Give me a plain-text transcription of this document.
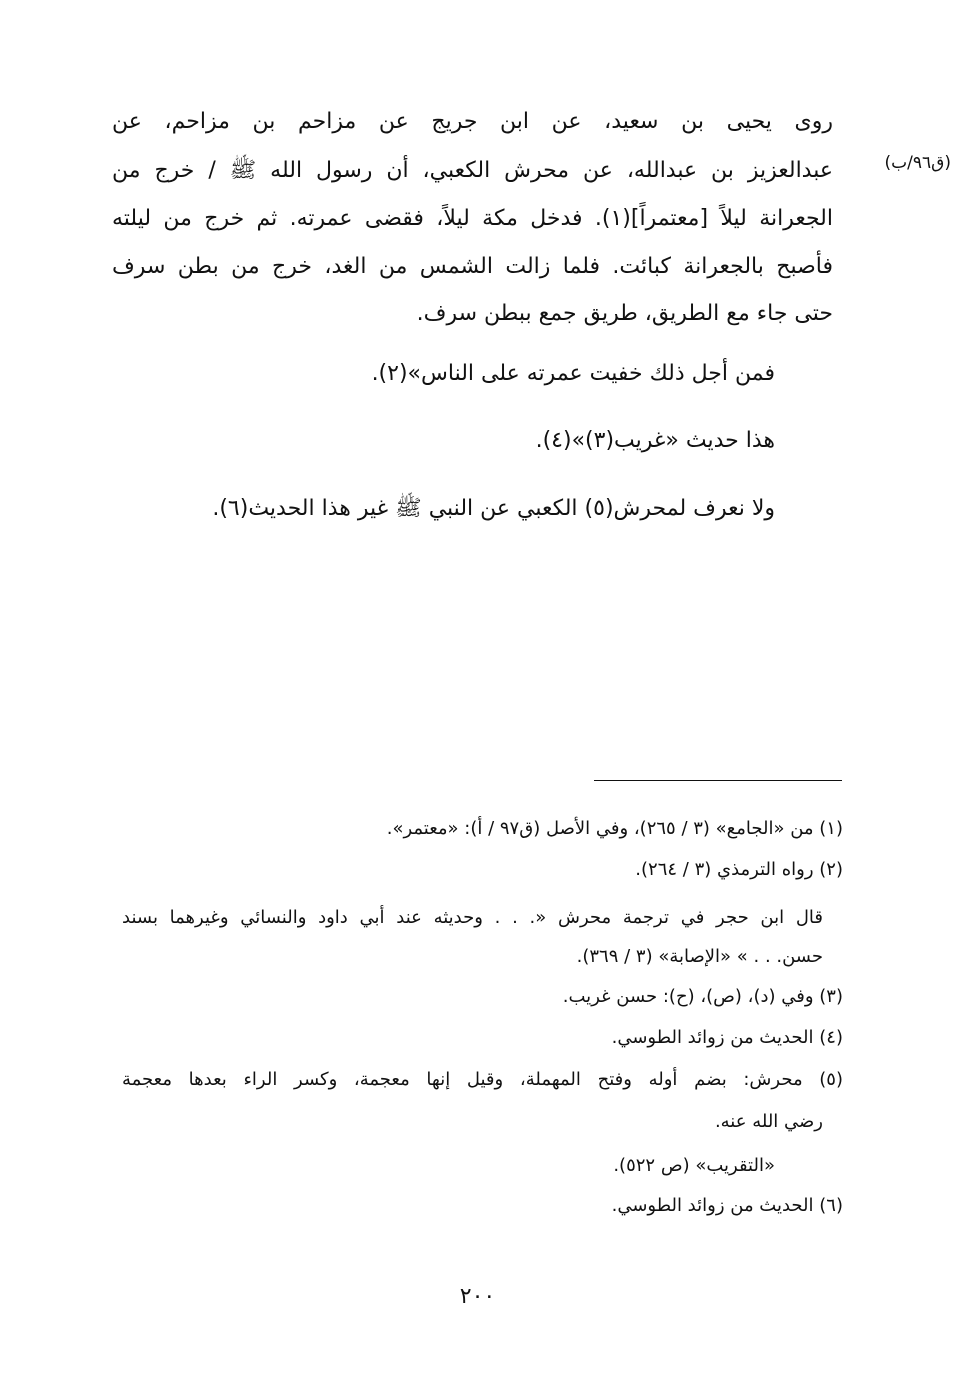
روى يحيى بن سعيد، عن ابن جريج عن مزاحم بن مزاحم، عن
عبدالعزيز بن عبدالله، عن محرش الكعبي، أن رسول الله ﷺ / خرج من
الجعرانة ليلاً [معتمراً](١). فدخل مكة ليلاً، فقضى عمرته. ثم خرج من ليلته
فأصبح بالجعرانة كبائت. فلما زالت الشمس من الغد، خرج من بطن سرف
حتى جاء مع الطريق، طريق جمع ببطن سرف.
(ق٩٦/ب)
فمن أجل ذلك خفيت عمرته على الناس»(٢).
هذا حديث «غريب(٣)»(٤).
ولا نعرف لمحرش(٥) الكعبي عن النبي ﷺ غير هذا الحديث(٦).
(١) من «الجامع» (٣ / ٢٦٥)، وفي الأصل (ق٩٧ / أ): «معتمر».
(٢) رواه الترمذي (٣ / ٢٦٤).
قال ابن حجر في ترجمة محرش «. . . وحديثه عند أبي داود والنسائي وغيرهما بسند
حسن. . . » «الإصابة» (٣ / ٣٦٩).
(٣) وفي (د)، (ص)، (ح): حسن غريب.
(٤) الحديث من زوائد الطوسي.
(٥) محرش: بضم أوله وفتح المهملة، وقيل إنها معجمة، وكسر الراء بعدها معجمة
رضي الله عنه.
«التقريب» (ص ٥٢٢).
(٦) الحديث من زوائد الطوسي.
٢٠٠
